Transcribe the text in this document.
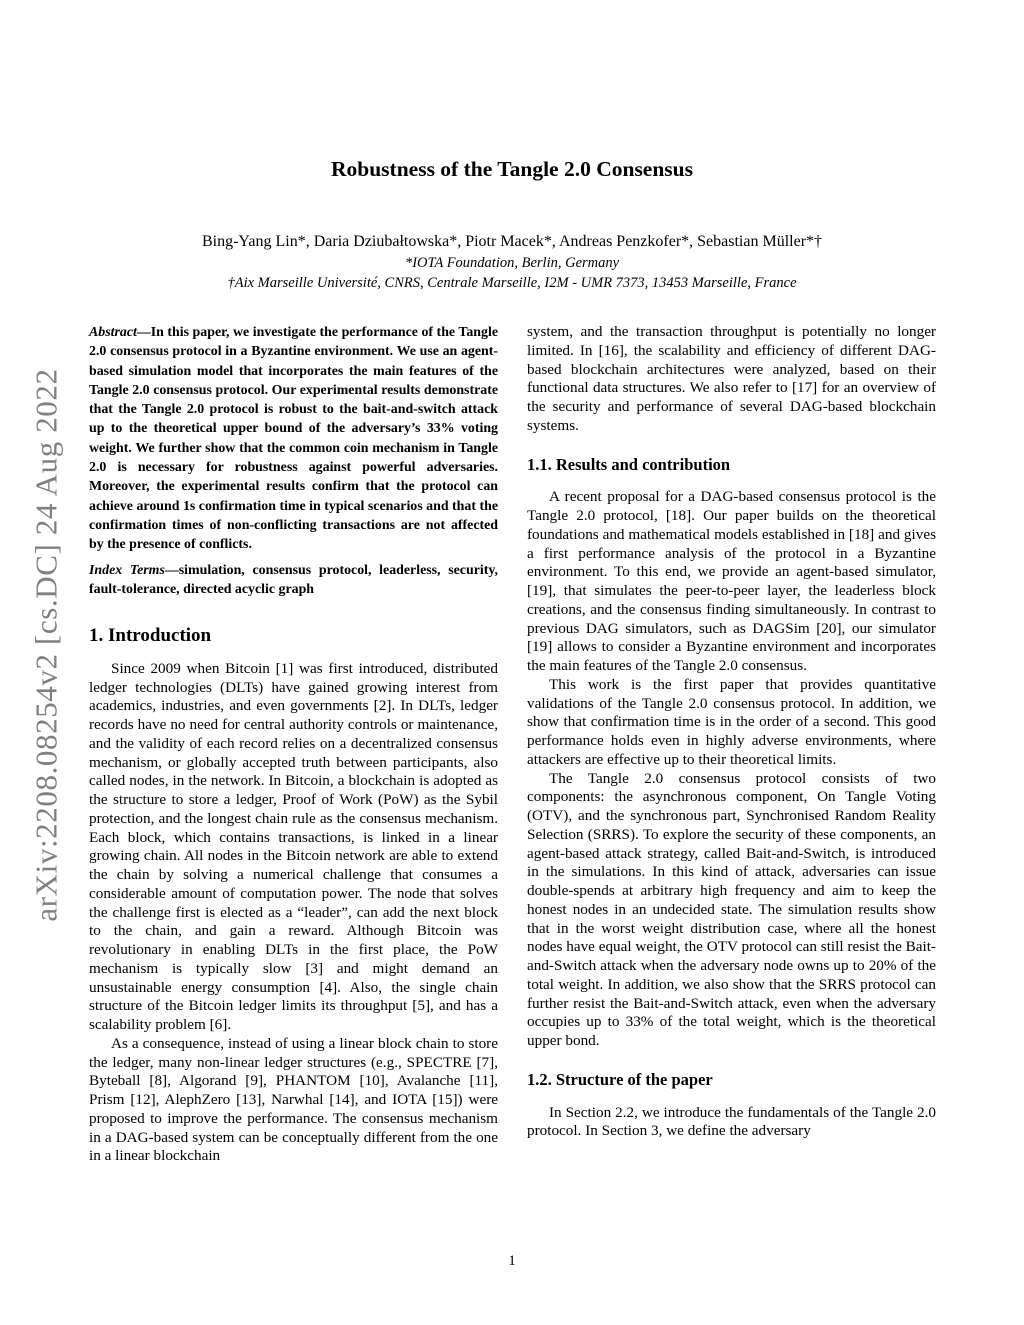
arXiv:2208.08254v2 [cs.DC] 24 Aug 2022
Robustness of the Tangle 2.0 Consensus
Bing-Yang Lin*, Daria Dziubałtowska*, Piotr Macek*, Andreas Penzkofer*, Sebastian Müller*†
*IOTA Foundation, Berlin, Germany
†Aix Marseille Université, CNRS, Centrale Marseille, I2M - UMR 7373, 13453 Marseille, France

Abstract—In this paper, we investigate the performance of the Tangle 2.0 consensus protocol in a Byzantine environment. We use an agent-based simulation model that incorporates the main features of the Tangle 2.0 consensus protocol. Our experimental results demonstrate that the Tangle 2.0 protocol is robust to the bait-and-switch attack up to the theoretical upper bound of the adversary’s 33% voting weight. We further show that the common coin mechanism in Tangle 2.0 is necessary for robustness against powerful adversaries. Moreover, the experimental results confirm that the protocol can achieve around 1s confirmation time in typical scenarios and that the confirmation times of non-conflicting transactions are not affected by the presence of conflicts.

Index Terms—simulation, consensus protocol, leaderless, security, fault-tolerance, directed acyclic graph

1. Introduction

Since 2009 when Bitcoin [1] was first introduced, distributed ledger technologies (DLTs) have gained growing interest from academics, industries, and even governments [2]. In DLTs, ledger records have no need for central authority controls or maintenance, and the validity of each record relies on a decentralized consensus mechanism, or globally accepted truth between participants, also called nodes, in the network. In Bitcoin, a blockchain is adopted as the structure to store a ledger, Proof of Work (PoW) as the Sybil protection, and the longest chain rule as the consensus mechanism. Each block, which contains transactions, is linked in a linear growing chain. All nodes in the Bitcoin network are able to extend the chain by solving a numerical challenge that consumes a considerable amount of computation power. The node that solves the challenge first is elected as a “leader”, can add the next block to the chain, and gain a reward. Although Bitcoin was revolutionary in enabling DLTs in the first place, the PoW mechanism is typically slow [3] and might demand an unsustainable energy consumption [4]. Also, the single chain structure of the Bitcoin ledger limits its throughput [5], and has a scalability problem [6].

As a consequence, instead of using a linear block chain to store the ledger, many non-linear ledger structures (e.g., SPECTRE [7], Byteball [8], Algorand [9], PHANTOM [10], Avalanche [11], Prism [12], AlephZero [13], Narwhal [14], and IOTA [15]) were proposed to improve the performance. The consensus mechanism in a DAG-based system can be conceptually different from the one in a linear blockchain

system, and the transaction throughput is potentially no longer limited. In [16], the scalability and efficiency of different DAG-based blockchain architectures were analyzed, based on their functional data structures. We also refer to [17] for an overview of the security and performance of several DAG-based blockchain systems.

1.1. Results and contribution

A recent proposal for a DAG-based consensus protocol is the Tangle 2.0 protocol, [18]. Our paper builds on the theoretical foundations and mathematical models established in [18] and gives a first performance analysis of the protocol in a Byzantine environment. To this end, we provide an agent-based simulator, [19], that simulates the peer-to-peer layer, the leaderless block creations, and the consensus finding simultaneously. In contrast to previous DAG simulators, such as DAGSim [20], our simulator [19] allows to consider a Byzantine environment and incorporates the main features of the Tangle 2.0 consensus.

This work is the first paper that provides quantitative validations of the Tangle 2.0 consensus protocol. In addition, we show that confirmation time is in the order of a second. This good performance holds even in highly adverse environments, where attackers are effective up to their theoretical limits.

The Tangle 2.0 consensus protocol consists of two components: the asynchronous component, On Tangle Voting (OTV), and the synchronous part, Synchronised Random Reality Selection (SRRS). To explore the security of these components, an agent-based attack strategy, called Bait-and-Switch, is introduced in the simulations. In this kind of attack, adversaries can issue double-spends at arbitrary high frequency and aim to keep the honest nodes in an undecided state. The simulation results show that in the worst weight distribution case, where all the honest nodes have equal weight, the OTV protocol can still resist the Bait-and-Switch attack when the adversary node owns up to 20% of the total weight. In addition, we also show that the SRRS protocol can further resist the Bait-and-Switch attack, even when the adversary occupies up to 33% of the total weight, which is the theoretical upper bond.

1.2. Structure of the paper

In Section 2.2, we introduce the fundamentals of the Tangle 2.0 protocol. In Section 3, we define the adversary

1
